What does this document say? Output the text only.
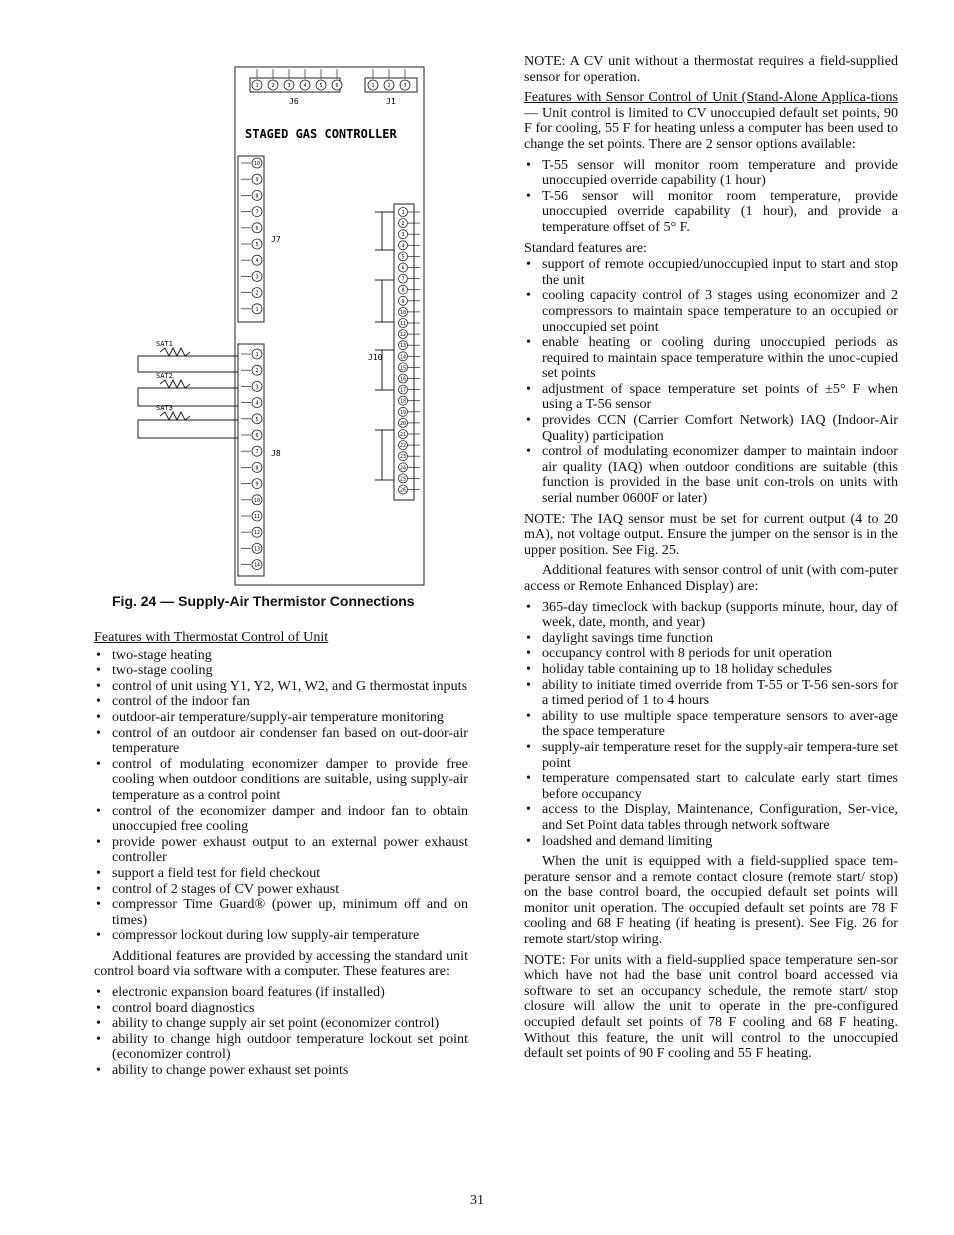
1	2	3	4	5	6	1	2	3
10
9
8
7
6
5
4
3
2
1
1
2
3
4
5
6
7
8
9
10
11
12
13
14
1
2
3
4
5
6
7
8
9
10
11
12
13
14
15
16
17
18
19
20
21
22
23
24
25
26
J6	J1
STAGED GAS CONTROLLER
J7
J8
J10
SAT1
SAT2
SAT3
Fig. 24 — Supply-Air Thermistor Connections
Features with Thermostat Control of Unit
• two-stage heating
• two-stage cooling
• control of unit using Y1, Y2, W1, W2, and G thermostat inputs
• control of the indoor fan
• outdoor-air temperature/supply-air temperature monitoring
• control of an outdoor air condenser fan based on out-door-air temperature
• control of modulating economizer damper to provide free cooling when outdoor conditions are suitable, using supply-air temperature as a control point
• control of the economizer damper and indoor fan to obtain unoccupied free cooling
• provide power exhaust output to an external power exhaust controller
• support a field test for field checkout
• control of 2 stages of CV power exhaust
• compressor Time Guard® (power up, minimum off and on times)
• compressor lockout during low supply-air temperature

Additional features are provided by accessing the standard unit control board via software with a computer. These features are:

• electronic expansion board features (if installed)
• control board diagnostics
• ability to change supply air set point (economizer control)
• ability to change high outdoor temperature lockout set point (economizer control)
• ability to change power exhaust set points

NOTE: A CV unit without a thermostat requires a field-supplied sensor for operation.

Features with Sensor Control of Unit (Stand-Alone Applica-tions — Unit control is limited to CV unoccupied default set points, 90 F for cooling, 55 F for heating unless a computer has been used to change the set points. There are 2 sensor options available:

• T-55 sensor will monitor room temperature and provide unoccupied override capability (1 hour)
• T-56 sensor will monitor room temperature, provide unoccupied override capability (1 hour), and provide a temperature offset of 5° F.

Standard features are:

• support of remote occupied/unoccupied input to start and stop the unit
• cooling capacity control of 3 stages using economizer and 2 compressors to maintain space temperature to an occupied or unoccupied set point
• enable heating or cooling during unoccupied periods as required to maintain space temperature within the unoc-cupied set points
• adjustment of space temperature set points of ±5° F when using a T-56 sensor
• provides CCN (Carrier Comfort Network) IAQ (Indoor-Air Quality) participation
• control of modulating economizer damper to maintain indoor air quality (IAQ) when outdoor conditions are suitable (this function is provided in the base unit con-trols on units with serial number 0600F or later)

NOTE: The IAQ sensor must be set for current output (4 to 20 mA), not voltage output. Ensure the jumper on the sensor is in the upper position. See Fig. 25.

Additional features with sensor control of unit (with com-puter access or Remote Enhanced Display) are:

• 365-day timeclock with backup (supports minute, hour, day of week, date, month, and year)
• daylight savings time function
• occupancy control with 8 periods for unit operation
• holiday table containing up to 18 holiday schedules
• ability to initiate timed override from T-55 or T-56 sen-sors for a timed period of 1 to 4 hours
• ability to use multiple space temperature sensors to aver-age the space temperature
• supply-air temperature reset for the supply-air tempera-ture set point
• temperature compensated start to calculate early start times before occupancy
• access to the Display, Maintenance, Configuration, Ser-vice, and Set Point data tables through network software
• loadshed and demand limiting

When the unit is equipped with a field-supplied space tem-perature sensor and a remote contact closure (remote start/ stop) on the base control board, the occupied default set points will monitor unit operation. The occupied default set points are 78 F cooling and 68 F heating (if heating is present). See Fig. 26 for remote start/stop wiring.

NOTE: For units with a field-supplied space temperature sen-sor which have not had the base unit control board accessed via software to set an occupancy schedule, the remote start/ stop closure will allow the unit to operate in the pre-configured occupied default set points of 78 F cooling and 68 F heating. Without this feature, the unit will control to the unoccupied default set points of 90 F cooling and 55 F heating.

31
